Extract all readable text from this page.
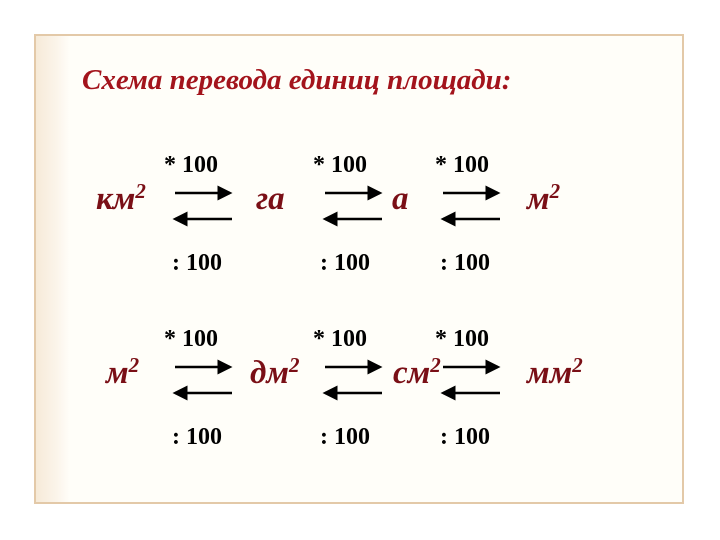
Схема перевода единиц площади:
$км^2$	га	а	$м^2$
* 100	* 100	* 100
: 100	: 100	: 100
$м^2$	$дм^2$	$см^2$	$мм^2$
* 100	* 100	* 100
: 100	: 100	: 100
